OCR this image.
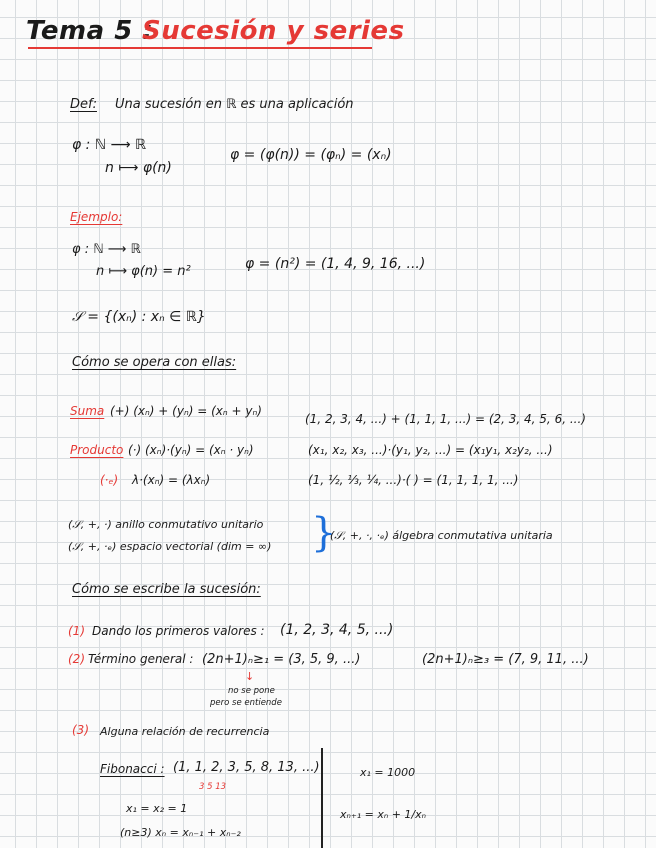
Tema 5 :
Sucesión y series
Def: Una sucesión en ℝ es una aplicación
φ : ℕ ⟶ ℝ
n ⟼ φ(n)
φ = (φ(n)) = (φₙ) = (xₙ)
Ejemplo:
φ : ℕ ⟶ ℝ
n ⟼ φ(n) = n²	φ = (n²) = (1, 4, 9, 16, ...)
𝒮 = {(xₙ) : xₙ ∈ ℝ}
Cómo se opera con ellas:
Suma (+) (xₙ) + (yₙ) = (xₙ + yₙ)
(1, 2, 3, 4, ...) + (1, 1, 1, ...) = (2, 3, 4, 5, 6, ...)
Producto (·) (xₙ)·(yₙ) = (xₙ · yₙ)	(x₁, x₂, x₃, ...)·(y₁, y₂, ...) = (x₁y₁, x₂y₂, ...)
(·ₑ) λ·(xₙ) = (λxₙ)	(1, ½, ⅓, ¼, ...)·( ) = (1, 1, 1, 1, ...)
(𝒮, +, ·) anillo conmutativo unitario
(𝒮, +, ·ₑ) espacio vectorial (dim = ∞) }
(𝒮, +, ·, ·ₑ) álgebra conmutativa unitaria
Cómo se escribe la sucesión:
(1) Dando los primeros valores : (1, 2, 3, 4, 5, ...)
(2) Término general : (2n+1)ₙ≥₁ = (3, 5, 9, ...)	(2n+1)ₙ≥₃ = (7, 9, 11, ...)
↓
no se pone
pero se entiende
(3) Alguna relación de recurrencia
Fibonacci : (1, 1, 2, 3, 5, 8, 13, ...)
3 5 13
x₁ = x₂ = 1
(n≥3) xₙ = xₙ₋₁ + xₙ₋₂
x₁ = 1000
xₙ₊₁ = xₙ + 1/xₙ
